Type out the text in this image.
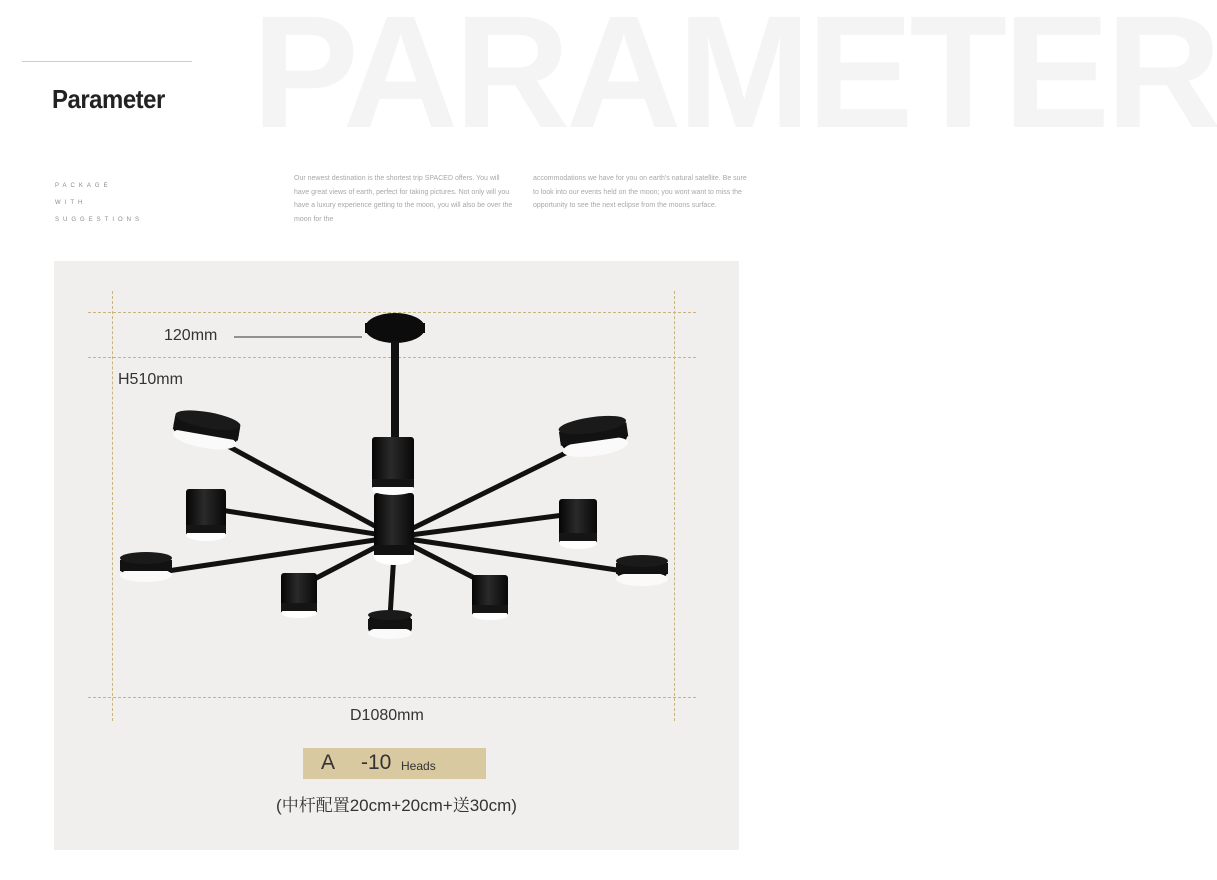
PARAMETER
Parameter
PACKAGE
WITH
SUGGESTIONS
Our newest destination is the shortest trip SPACED offers. You will have great views of earth, perfect for taking pictures. Not only will you have a luxury experience getting to the moon, you will also be over the moon for the
accommodations we have for you on earth's natural satellite. Be sure to look into our events held on the moon; you wont want to miss the opportunity to see the next eclipse from the moons surface.
120mm
H510mm
D1080mm
A -10 Heads
(中杆配置20cm+20cm+送30cm)
